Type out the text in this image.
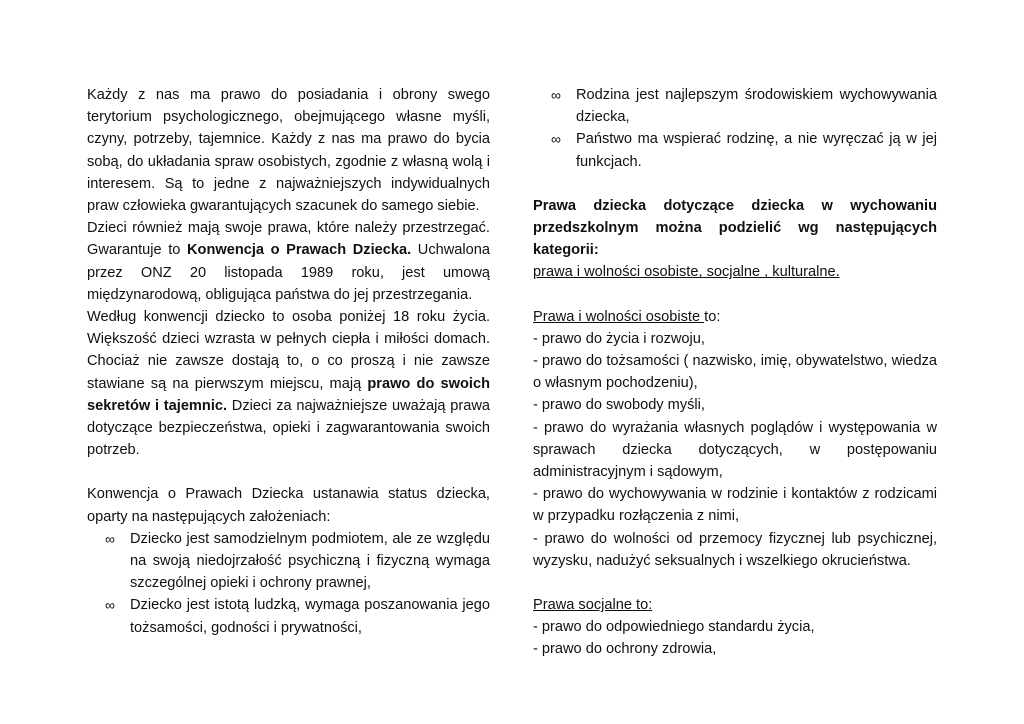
Każdy z nas ma prawo do posiadania i obrony swego terytorium psychologicznego, obejmującego własne myśli, czyny, potrzeby, tajemnice. Każdy z nas ma prawo do bycia sobą, do układania spraw osobistych, zgodnie z własną wolą i interesem. Są to jedne z najważniejszych indywidualnych praw człowieka gwarantujących szacunek do samego siebie.

Dzieci również mają swoje prawa, które należy przestrzegać. Gwarantuje to Konwencja o Prawach Dziecka. Uchwalona przez ONZ 20 listopada 1989 roku, jest umową międzynarodową, obligująca państwa do jej przestrzegania.

Według konwencji dziecko to osoba poniżej 18 roku życia. Większość dzieci wzrasta w pełnych ciepła i miłości domach. Chociaż nie zawsze dostają to, o co proszą i nie zawsze stawiane są na pierwszym miejscu, mają prawo do swoich sekretów i tajemnic. Dzieci za najważniejsze uważają prawa dotyczące bezpieczeństwa, opieki i zagwarantowania swoich potrzeb.

Konwencja o Prawach Dziecka ustanawia status dziecka, oparty na następujących założeniach:

∞ Dziecko jest samodzielnym podmiotem, ale ze względu na swoją niedojrzałość psychiczną i fizyczną wymaga szczególnej opieki i ochrony prawnej,
∞ Dziecko jest istotą ludzką, wymaga poszanowania jego tożsamości, godności i prywatności,
∞ Rodzina jest najlepszym środowiskiem wychowywania dziecka,
∞ Państwo ma wspierać rodzinę, a nie wyręczać ją w jej funkcjach.

Prawa dziecka dotyczące dziecka w wychowaniu przedszkolnym można podzielić wg następujących kategorii:

prawa i wolności osobiste, socjalne , kulturalne.

Prawa i wolności osobiste to:

- prawo do życia i rozwoju,

- prawo do tożsamości ( nazwisko, imię, obywatelstwo, wiedza o własnym pochodzeniu),

- prawo do swobody myśli,

- prawo do wyrażania własnych poglądów i występowania w sprawach dziecka dotyczących, w postępowaniu administracyjnym i sądowym,

- prawo do wychowywania w rodzinie i kontaktów z rodzicami w przypadku rozłączenia z nimi,

- prawo do wolności od przemocy fizycznej lub psychicznej, wyzysku, nadużyć seksualnych i wszelkiego okrucieństwa.

Prawa socjalne to:

- prawo do odpowiedniego standardu życia,

- prawo do ochrony zdrowia,
